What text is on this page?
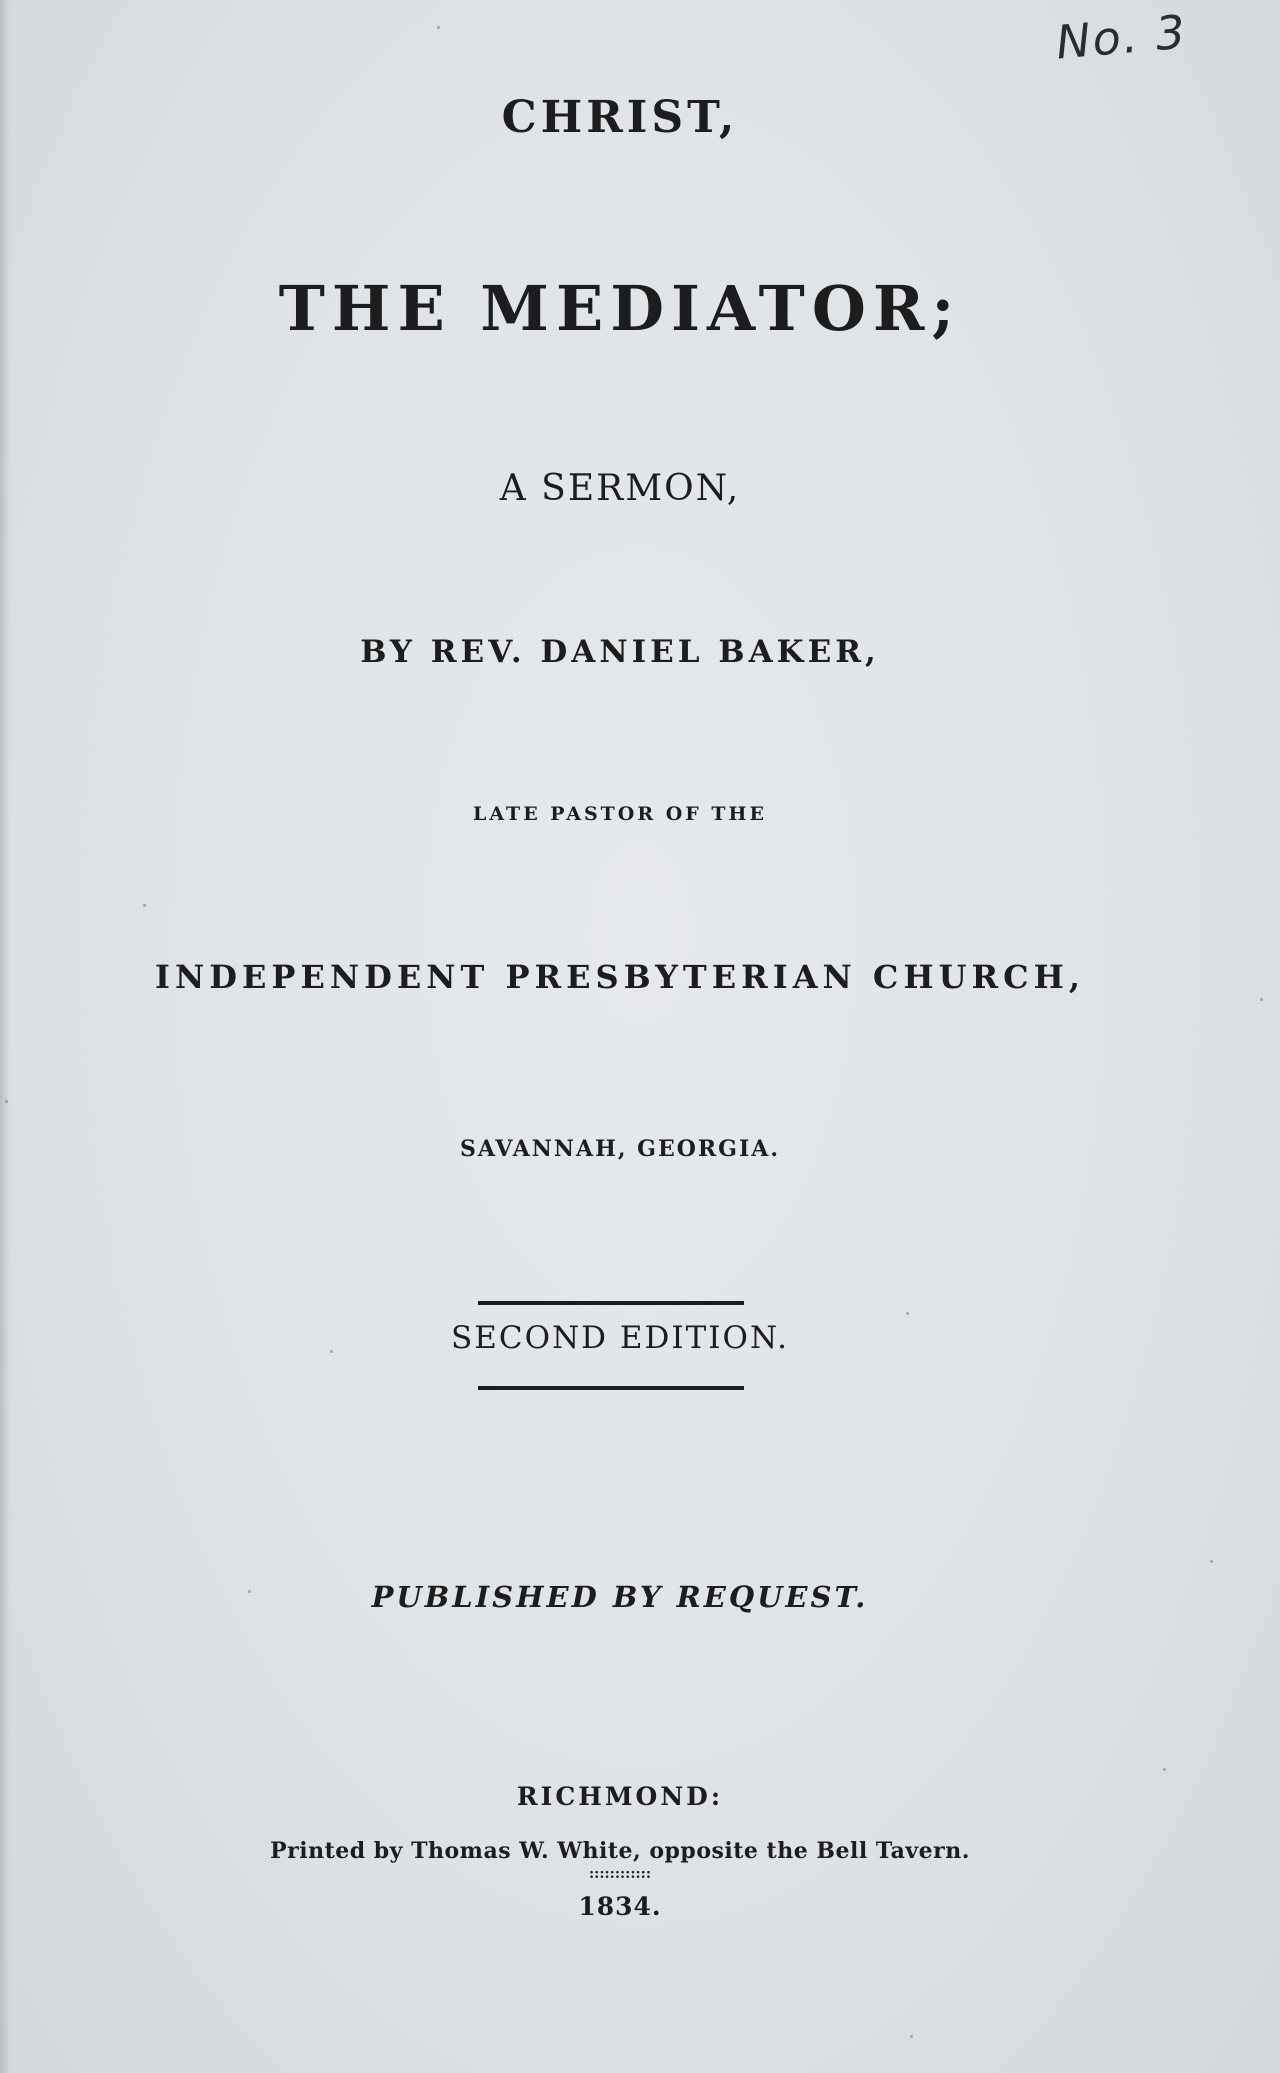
No. 3
CHRIST,
THE MEDIATOR;
A SERMON,
BY REV. DANIEL BAKER,
LATE PASTOR OF THE
INDEPENDENT PRESBYTERIAN CHURCH,
SAVANNAH, GEORGIA.
SECOND EDITION.
PUBLISHED BY REQUEST.
RICHMOND:
Printed by Thomas W. White, opposite the Bell Tavern.
::::::::::::
1834.
